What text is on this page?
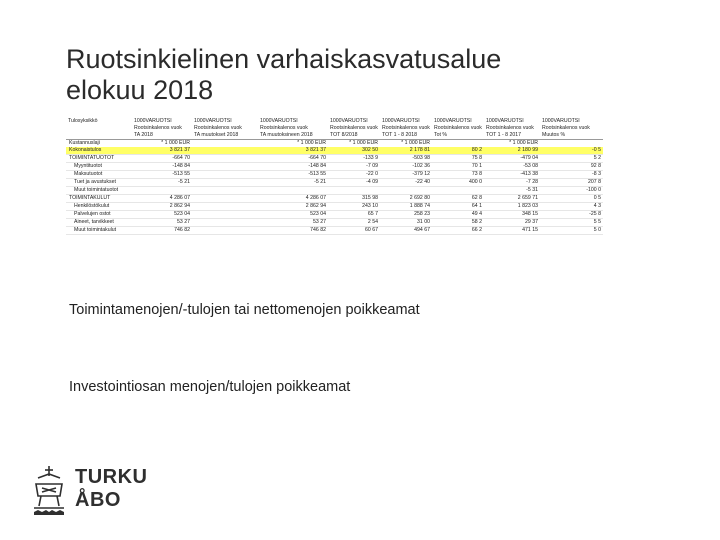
Ruotsinkielinen varhaiskasvatusalue
elokuu 2018
Tulosyksikkö	1000VARUOTSI	1000VARUOTSI	1000VARUOTSI	1000VARUOTSI	1000VARUOTSI	1000VARUOTSI	1000VARUOTSI	1000VARUOTSI	
	Rootsinkalenos vuok	Rootsinkalenos vuok	Rootsinkalenos vuok	Rootsinkalenos vuok	Rootsinkalenos vuok	Rootsinkalenos vuok	Rootsinkalenos vuok	Rootsinkalenos vuok	
	TA 2018	TA muutokset 2018	TA muutoksineen 2018	TOT 8/2018	TOT 1 - 8 2018	Tot %	TOT 1 - 8 2017	Muutos %	
Kustannuslaji	* 1 000 EUR		* 1 000 EUR	* 1 000 EUR	* 1 000 EUR		* 1 000 EUR		
Kokonaistulos	3 821 37		3 821 37	302 50	2 178 81	80 2	2 180 99	-0 5	
TOIMINTATUOTOT	-664 70		-664 70	-133 9	-503 98	75 8	-479 04	5 2	
Myyntituotot	-148 84		-148 84	-7 09	-102 36	70 1	-53 08	92 8	
Maksutuotot	-513 55		-513 55	-22 0	-379 12	73 8	-413 38	-8 3	
Tuet ja avustukset	-5 21		-5 21	-4 09	-22 40	400 0	-7 28	207 8	
Muut toimintatuotot							-5 31	-100 0	
TOIMINTAKULUT	4 286 07		4 286 07	315 98	2 692 80	62 8	2 659 71	0 5	
Henkilöstökulut	2 862 94		2 862 94	243 10	1 888 74	64 1	1 823 03	4 3	
Palvelujen ostot	523 04		523 04	65 7	258 23	49 4	348 15	-25 8	
Aineet, tarvikkeet	53 27		53 27	2 54	31 00	58 2	29 37	5 5	
Muut toimintakulut	746 82		746 82	60 67	494 67	66 2	471 15	5 0	
Toimintamenojen/-tulojen tai nettomenojen poikkeamat
Investointiosan menojen/tulojen poikkeamat
TURKU
ÅBO
